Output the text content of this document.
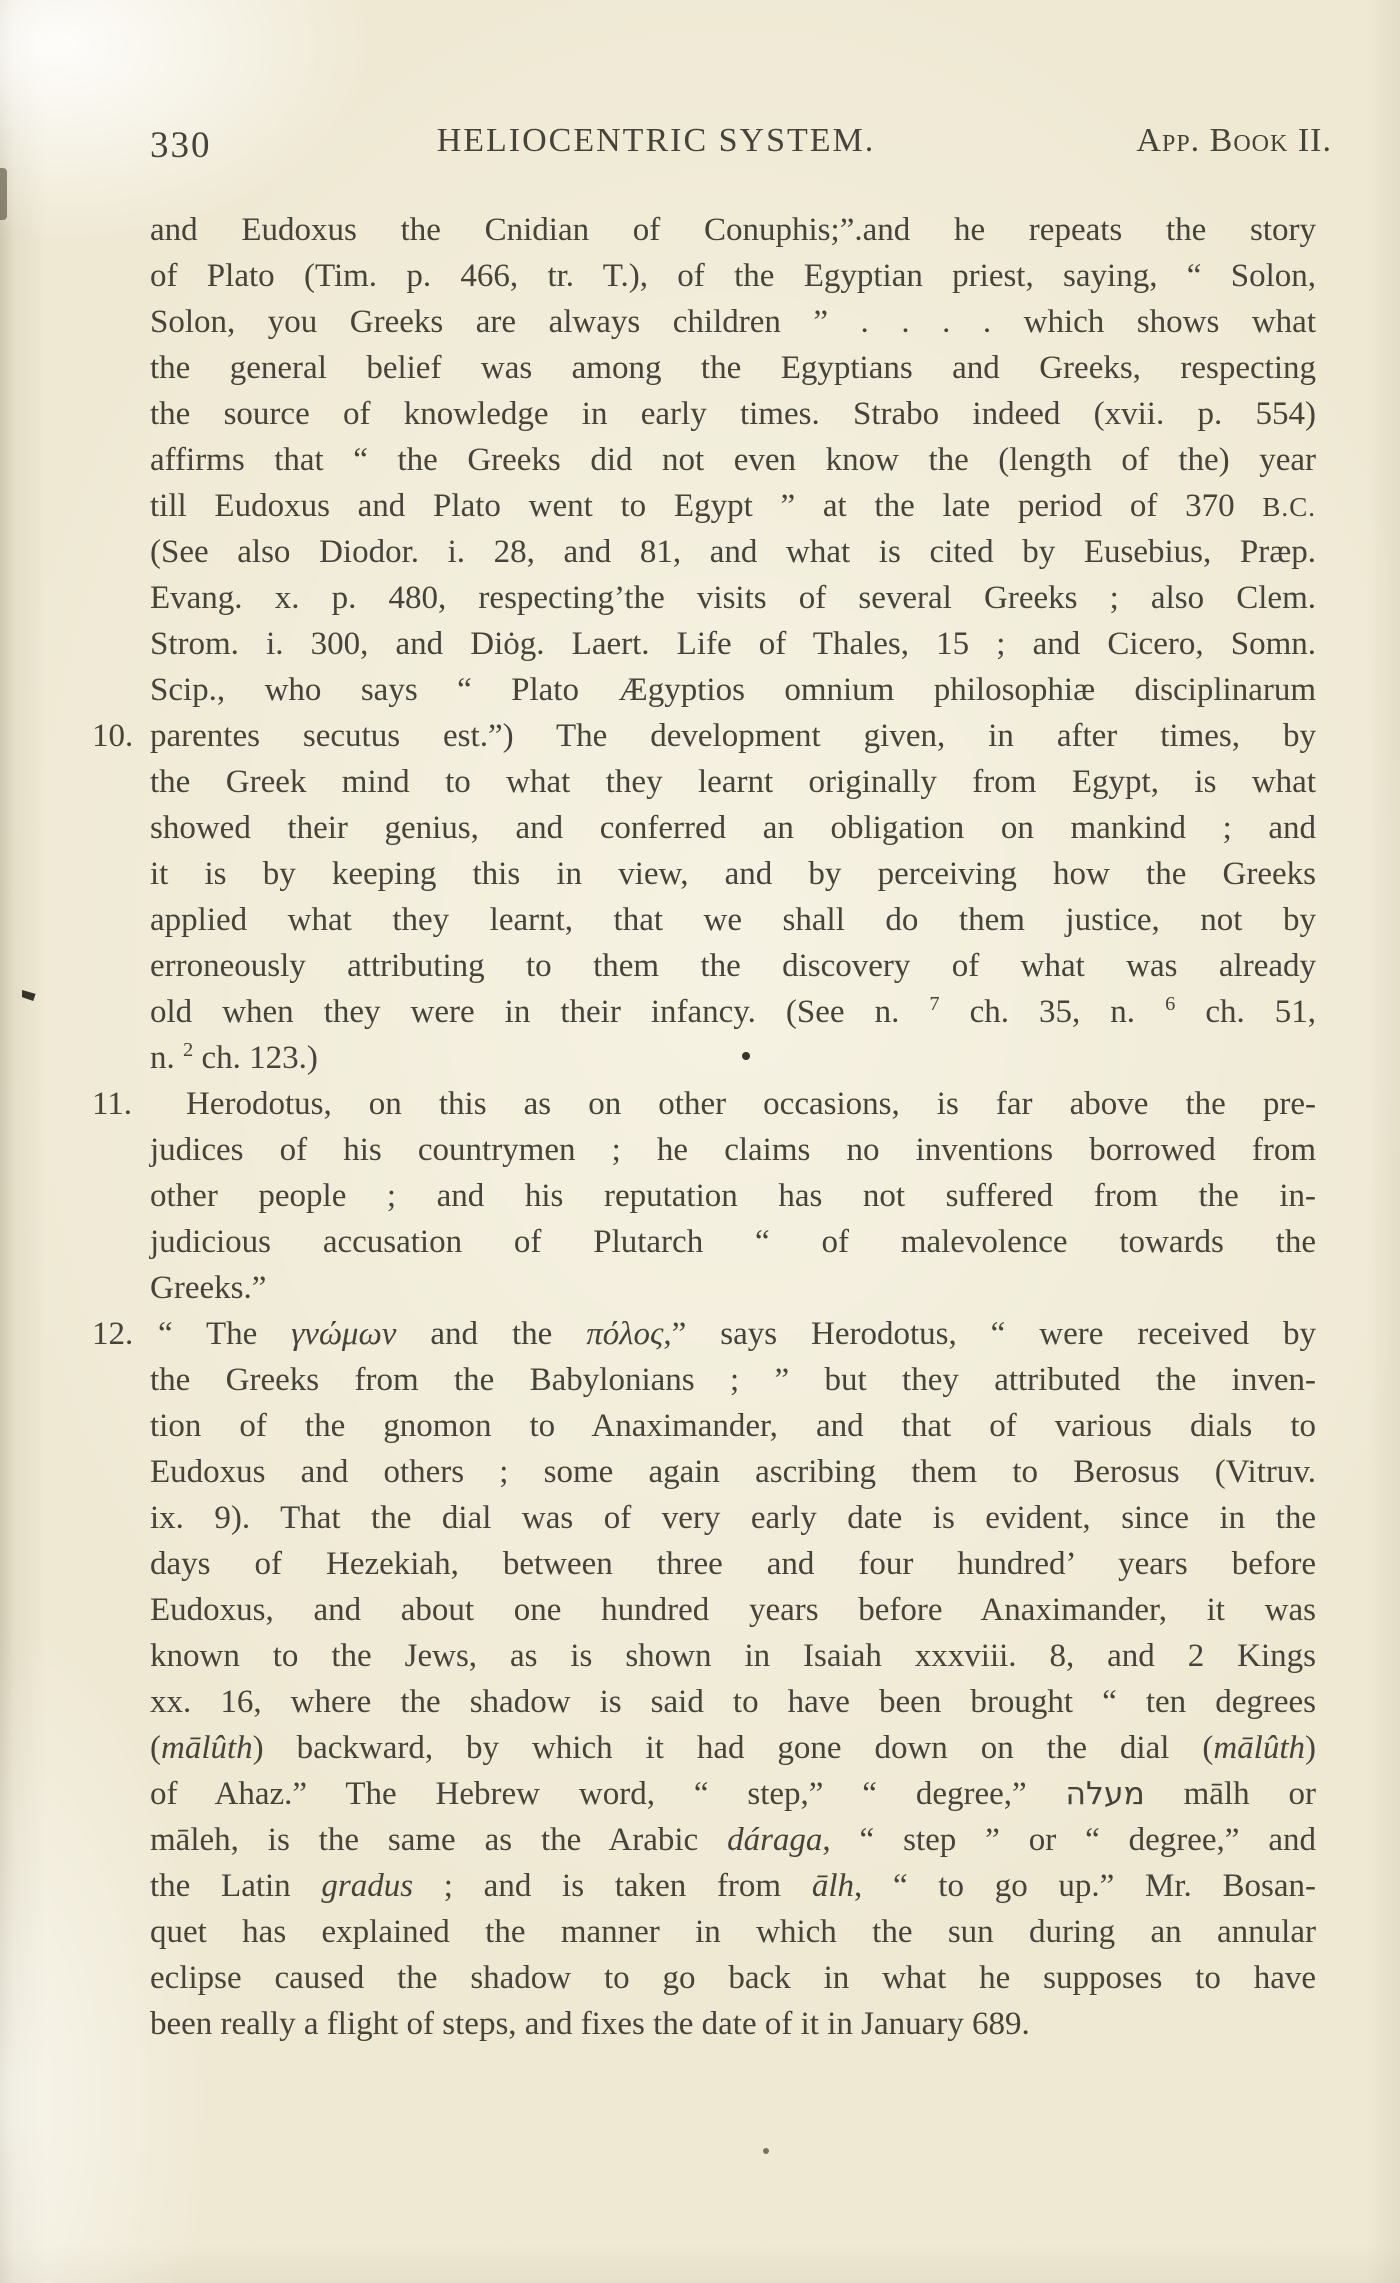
330	HELIOCENTRIC SYSTEM.	App. Book II.
and Eudoxus the Cnidian of Conuphis;”.and he repeats the story
of Plato (Tim. p. 466, tr. T.), of the Egyptian priest, saying, “ Solon,
Solon, you Greeks are always children ” . . . . which shows what
the general belief was among the Egyptians and Greeks, respecting
the source of knowledge in early times. Strabo indeed (xvii. p. 554)
affirms that “ the Greeks did not even know the (length of the) year
till Eudoxus and Plato went to Egypt ” at the late period of 370 B.C.
(See also Diodor. i. 28, and 81, and what is cited by Eusebius, Præp.
Evang. x. p. 480, respecting’the visits of several Greeks ; also Clem.
Strom. i. 300, and Diȯg. Laert. Life of Thales, 15 ; and Cicero, Somn.
Scip., who says “ Plato Ægyptios omnium philosophiæ disciplinarum
parentes secutus est.”) The development given, in after times, by
10.
the Greek mind to what they learnt originally from Egypt, is what
showed their genius, and conferred an obligation on mankind ; and
it is by keeping this in view, and by perceiving how the Greeks
applied what they learnt, that we shall do them justice, not by
erroneously attributing to them the discovery of what was already
old when they were in their infancy. (See n. $^7$ ch. 35, n. $^6$ ch. 51,
n. $^2$ ch. 123.)
Herodotus, on this as on other occasions, is far above the pre-
11.
judices of his countrymen ; he claims no inventions borrowed from
other people ; and his reputation has not suffered from the in-
judicious accusation of Plutarch “ of malevolence towards the
Greeks.”
“ The γνώμων and the πόλος,” says Herodotus, “ were received by
12.
the Greeks from the Babylonians ; ” but they attributed the inven-
tion of the gnomon to Anaximander, and that of various dials to
Eudoxus and others ; some again ascribing them to Berosus (Vitruv.
ix. 9). That the dial was of very early date is evident, since in the
days of Hezekiah, between three and four hundred’ years before
Eudoxus, and about one hundred years before Anaximander, it was
known to the Jews, as is shown in Isaiah xxxviii. 8, and 2 Kings
xx. 16, where the shadow is said to have been brought “ ten degrees
(mālûth) backward, by which it had gone down on the dial (mālûth)
of Ahaz.” The Hebrew word, “ step,” “ degree,” מעלה mālh or
māleh, is the same as the Arabic dáraga, “ step ” or “ degree,” and
the Latin gradus ; and is taken from ālh, “ to go up.” Mr. Bosan-
quet has explained the manner in which the sun during an annular
eclipse caused the shadow to go back in what he supposes to have
been really a flight of steps, and fixes the date of it in January 689.
